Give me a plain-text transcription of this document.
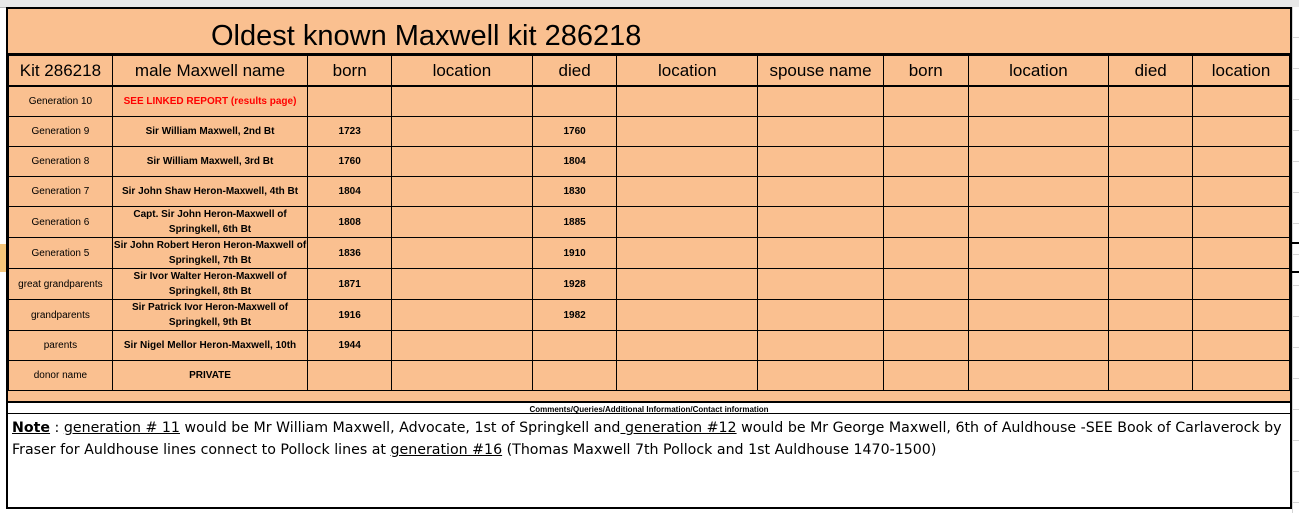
Oldest known Maxwell kit 286218
Kit 286218	male Maxwell name	born	location	died	location	spouse name	born	location	died	location
Generation 10	SEE LINKED REPORT (results page)									
Generation 9	Sir William Maxwell, 2nd Bt	1723		1760						
Generation 8	Sir William Maxwell, 3rd Bt	1760		1804						
Generation 7	Sir John Shaw Heron-Maxwell, 4th Bt	1804		1830						
Generation 6	Capt. Sir John Heron-Maxwell of Springkell, 6th Bt	1808		1885						
Generation 5	Sir John Robert Heron Heron-Maxwell of Springkell, 7th Bt	1836		1910						
great grandparents	Sir Ivor Walter Heron-Maxwell of Springkell, 8th Bt	1871		1928						
grandparents	Sir Patrick Ivor Heron-Maxwell of Springkell, 9th Bt	1916		1982						
parents	Sir Nigel Mellor Heron-Maxwell, 10th	1944								
donor name	PRIVATE									
Comments/Queries/Additional Information/Contact information
Note : generation # 11 would be Mr William Maxwell, Advocate, 1st of Springkell and generation #12 would be Mr George Maxwell, 6th of Auldhouse -SEE Book of Carlaverock by Fraser for Auldhouse lines connect to Pollock lines at generation #16 (Thomas Maxwell 7th Pollock and 1st Auldhouse 1470-1500)
